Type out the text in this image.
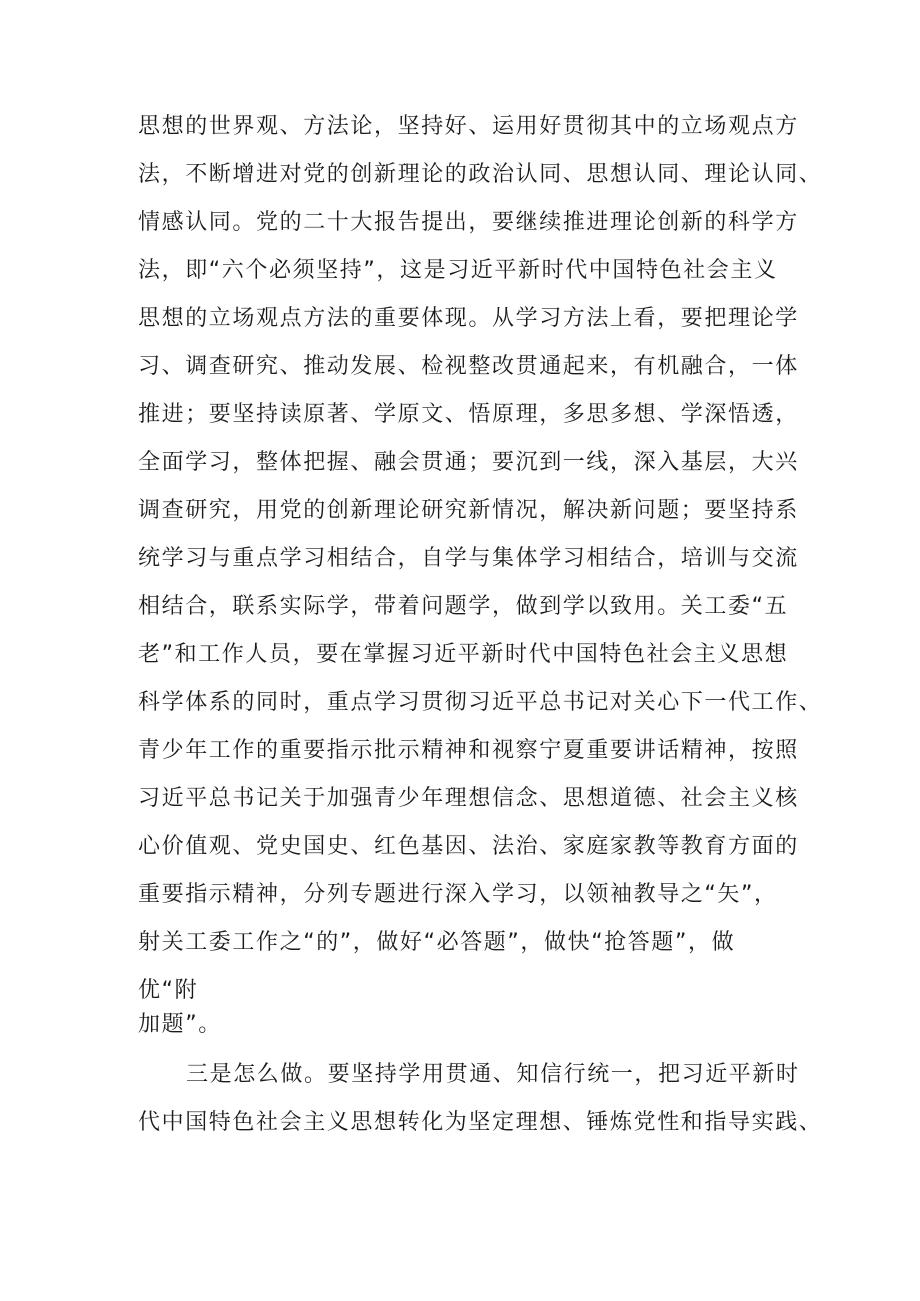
思想的世界观、方法论，坚持好、运用好贯彻其中的立场观点方
法，不断增进对党的创新理论的政治认同、思想认同、理论认同、
情感认同。党的二十大报告提出，要继续推进理论创新的科学方
法，即“六个必须坚持”，这是习近平新时代中国特色社会主义
思想的立场观点方法的重要体现。从学习方法上看，要把理论学
习、调查研究、推动发展、检视整改贯通起来，有机融合，一体
推进；要坚持读原著、学原文、悟原理，多思多想、学深悟透，
全面学习，整体把握、融会贯通；要沉到一线，深入基层，大兴
调查研究，用党的创新理论研究新情况，解决新问题；要坚持系
统学习与重点学习相结合，自学与集体学习相结合，培训与交流
相结合，联系实际学，带着问题学，做到学以致用。关工委“五
老”和工作人员，要在掌握习近平新时代中国特色社会主义思想
科学体系的同时，重点学习贯彻习近平总书记对关心下一代工作、
青少年工作的重要指示批示精神和视察宁夏重要讲话精神，按照
习近平总书记关于加强青少年理想信念、思想道德、社会主义核
心价值观、党史国史、红色基因、法治、家庭家教等教育方面的
重要指示精神，分列专题进行深入学习，以领袖教导之“矢”，
射关工委工作之“的”，做好“必答题”，做快“抢答题”，做
优“附
加题”。
三是怎么做。要坚持学用贯通、知信行统一，把习近平新时
代中国特色社会主义思想转化为坚定理想、锤炼党性和指导实践、
